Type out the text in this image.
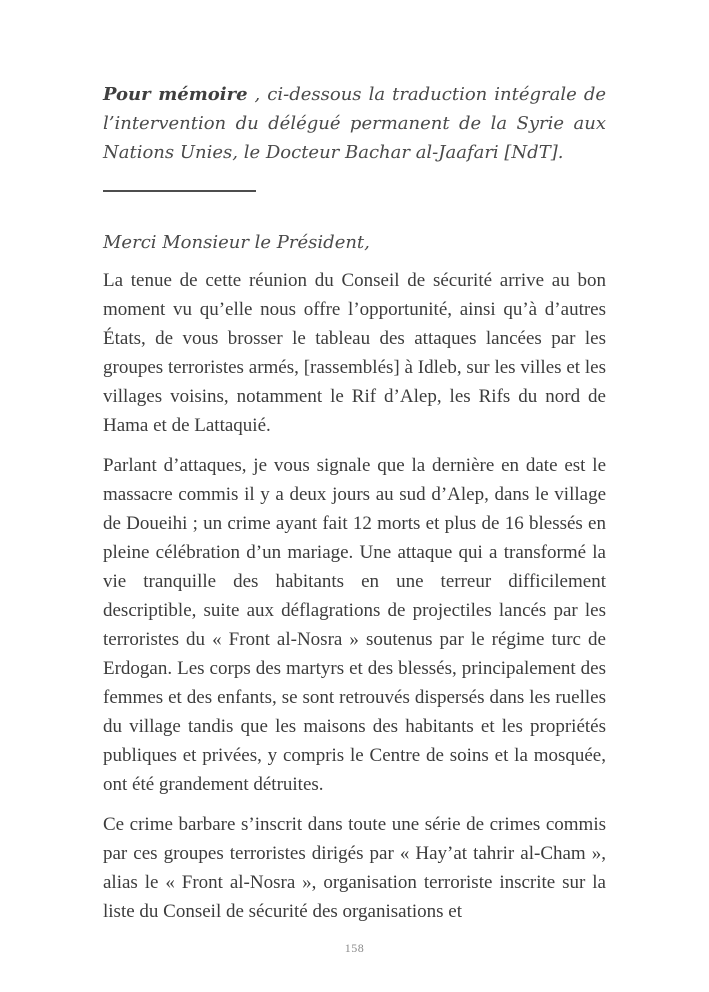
Pour mémoire , ci-dessous la traduction intégrale de l’intervention du délégué permanent de la Syrie aux Nations Unies, le Docteur Bachar al-Jaafari [NdT].

Merci Monsieur le Président,

La tenue de cette réunion du Conseil de sécurité arrive au bon moment vu qu’elle nous offre l’opportunité, ainsi qu’à d’autres États, de vous brosser le tableau des attaques lancées par les groupes terroristes armés, [rassemblés] à Idleb, sur les villes et les villages voisins, notamment le Rif d’Alep, les Rifs du nord de Hama et de Lattaquié.

Parlant d’attaques, je vous signale que la dernière en date est le massacre commis il y a deux jours au sud d’Alep, dans le village de Doueihi ; un crime ayant fait 12 morts et plus de 16 blessés en pleine célébration d’un mariage. Une attaque qui a transformé la vie tranquille des habitants en une terreur difficilement descriptible, suite aux déflagrations de projectiles lancés par les terroristes du « Front al-Nosra » soutenus par le régime turc de Erdogan. Les corps des martyrs et des blessés, principalement des femmes et des enfants, se sont retrouvés dispersés dans les ruelles du village tandis que les maisons des habitants et les propriétés publiques et privées, y compris le Centre de soins et la mosquée, ont été grandement détruites.

Ce crime barbare s’inscrit dans toute une série de crimes commis par ces groupes terroristes dirigés par « Hay’at tahrir al-Cham », alias le « Front al-Nosra », organisation terroriste inscrite sur la liste du Conseil de sécurité des organisations et

158
